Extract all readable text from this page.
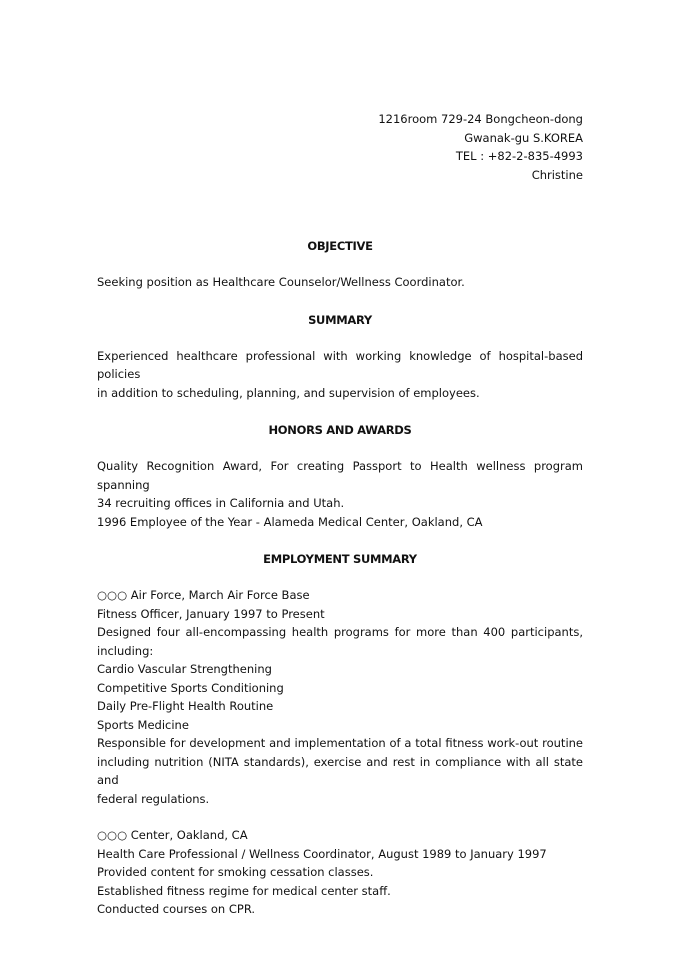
1216room 729-24 Bongcheon-dong
Gwanak-gu S.KOREA
TEL : +82-2-835-4993
Christine
OBJECTIVE
Seeking position as Healthcare Counselor/Wellness Coordinator.
SUMMARY
Experienced healthcare professional with working knowledge of hospital-based policies
in addition to scheduling, planning, and supervision of employees.
HONORS AND AWARDS
Quality Recognition Award, For creating Passport to Health wellness program spanning
34 recruiting offices in California and Utah.
1996 Employee of the Year - Alameda Medical Center, Oakland, CA
EMPLOYMENT SUMMARY
○○○ Air Force, March Air Force Base
Fitness Officer, January 1997 to Present
Designed four all-encompassing health programs for more than 400 participants,
including:
Cardio Vascular Strengthening
Competitive Sports Conditioning
Daily Pre-Flight Health Routine
Sports Medicine
Responsible for development and implementation of a total fitness work-out routine
including nutrition (NITA standards), exercise and rest in compliance with all state and
federal regulations.
○○○ Center, Oakland, CA
Health Care Professional / Wellness Coordinator, August 1989 to January 1997
Provided content for smoking cessation classes.
Established fitness regime for medical center staff.
Conducted courses on CPR.
